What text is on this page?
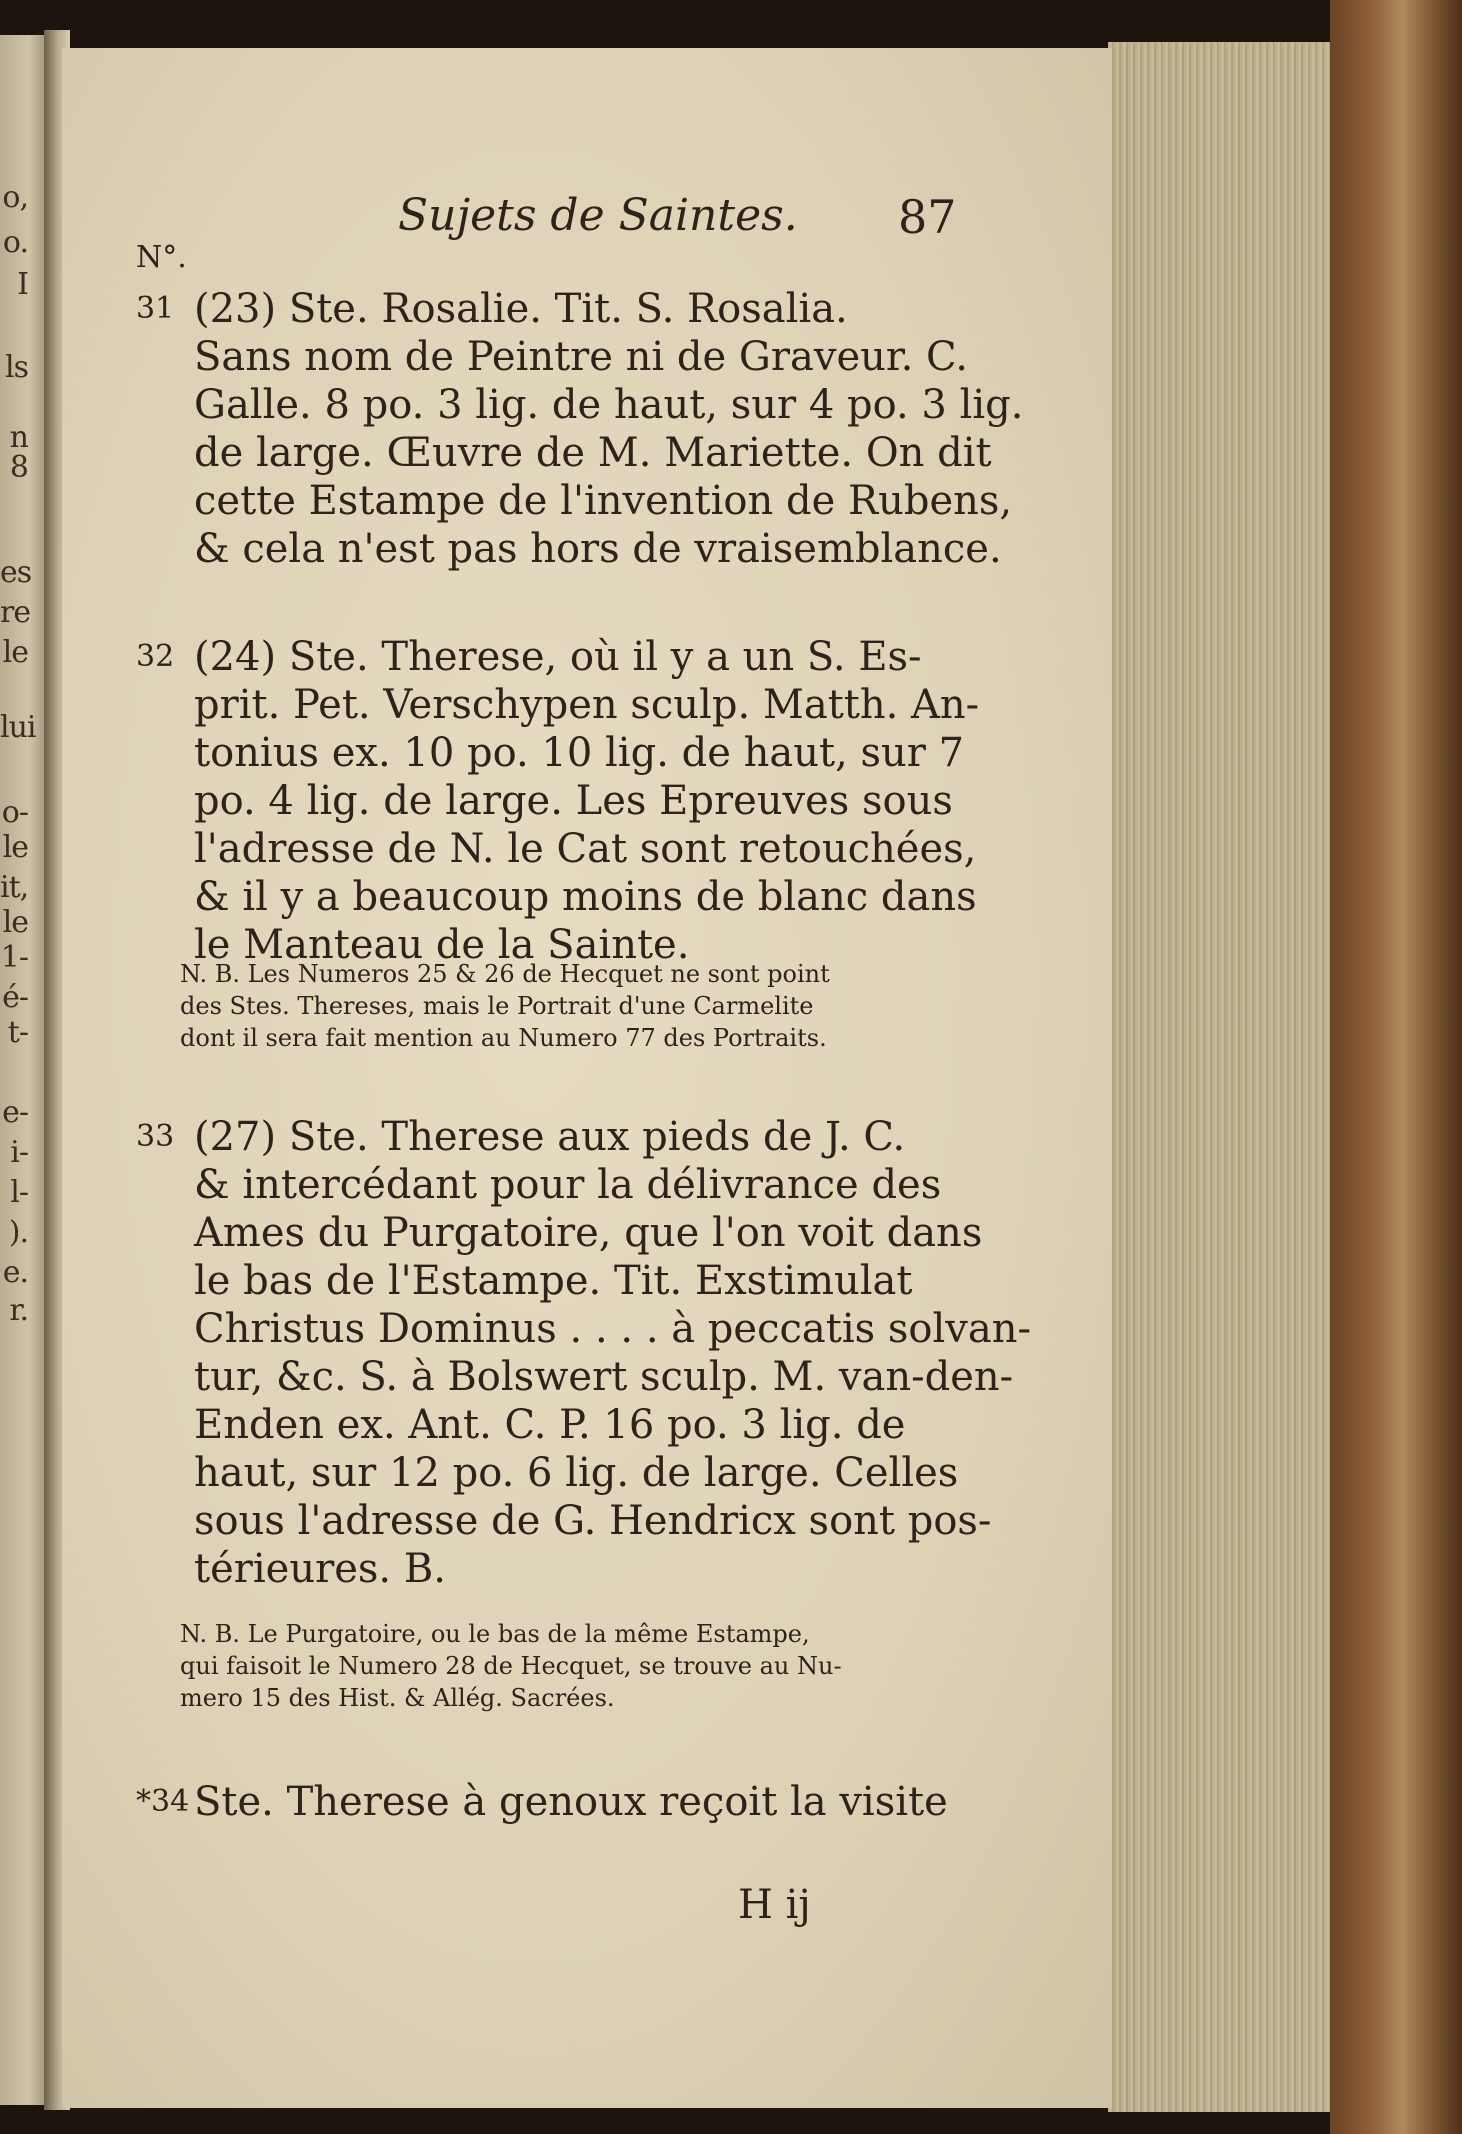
o,
o.
I
ls
n
8
es
re
le
lui
o-
le
it,
le
1-
é-
t-
e-
i-
l-
).
e.
r.
Sujets de Saintes. 87
N°.
31 (23) Ste. Rosalie. Tit. S. Rosalia.
Sans nom de Peintre ni de Graveur. C.
Galle. 8 po. 3 lig. de haut, sur 4 po. 3 lig.
de large. Œuvre de M. Mariette. On dit
cette Estampe de l'invention de Rubens,
& cela n'est pas hors de vraisemblance.
32 (24) Ste. Therese, où il y a un S. Es-
prit. Pet. Verschypen sculp. Matth. An-
tonius ex. 10 po. 10 lig. de haut, sur 7
po. 4 lig. de large. Les Epreuves sous
l'adresse de N. le Cat sont retouchées,
& il y a beaucoup moins de blanc dans
le Manteau de la Sainte.
N. B. Les Numeros 25 & 26 de Hecquet ne sont point
des Stes. Thereses, mais le Portrait d'une Carmelite
dont il sera fait mention au Numero 77 des Portraits.
33 (27) Ste. Therese aux pieds de J. C.
& intercédant pour la délivrance des
Ames du Purgatoire, que l'on voit dans
le bas de l'Estampe. Tit. Exstimulat
Christus Dominus . . . . à peccatis solvan-
tur, &c. S. à Bolswert sculp. M. van-den-
Enden ex. Ant. C. P. 16 po. 3 lig. de
haut, sur 12 po. 6 lig. de large. Celles
sous l'adresse de G. Hendricx sont pos-
térieures. B.
N. B. Le Purgatoire, ou le bas de la même Estampe,
qui faisoit le Numero 28 de Hecquet, se trouve au Nu-
mero 15 des Hist. & Allég. Sacrées.
*34 Ste. Therese à genoux reçoit la visite
H ij
